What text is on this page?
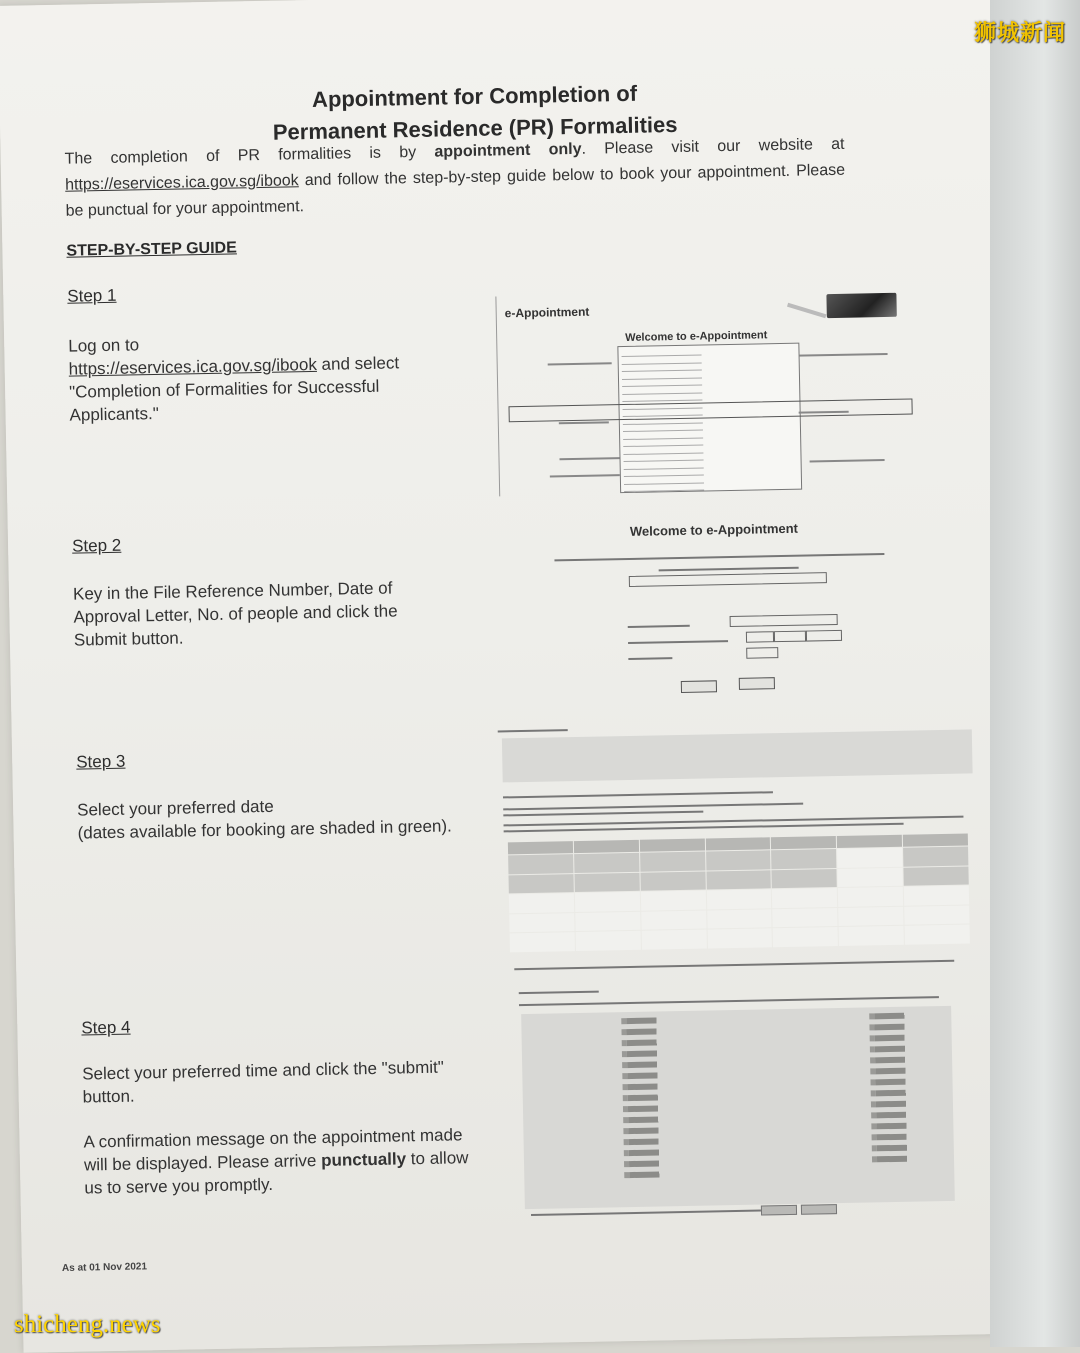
Appointment for Completion of
Permanent Residence (PR) Formalities
The completion of PR formalities is by appointment only. Please visit our website at https://eservices.ica.gov.sg/ibook and follow the step-by-step guide below to book your appointment. Please be punctual for your appointment.
STEP-BY-STEP GUIDE
Step 1
Log on to
https://eservices.ica.gov.sg/ibook and select
"Completion of Formalities for Successful Applicants."
Step 2
Key in the File Reference Number, Date of Approval Letter, No. of people and click the Submit button.
Step 3
Select your preferred date
(dates available for booking are shaded in green).
Step 4
Select your preferred time and click the "submit" button.
A confirmation message on the appointment made will be displayed. Please arrive punctually to allow us to serve you promptly.
As at 01 Nov 2021
e-Appointment
Welcome to e-Appointment
Welcome to e-Appointment
狮城新闻
shicheng.news
